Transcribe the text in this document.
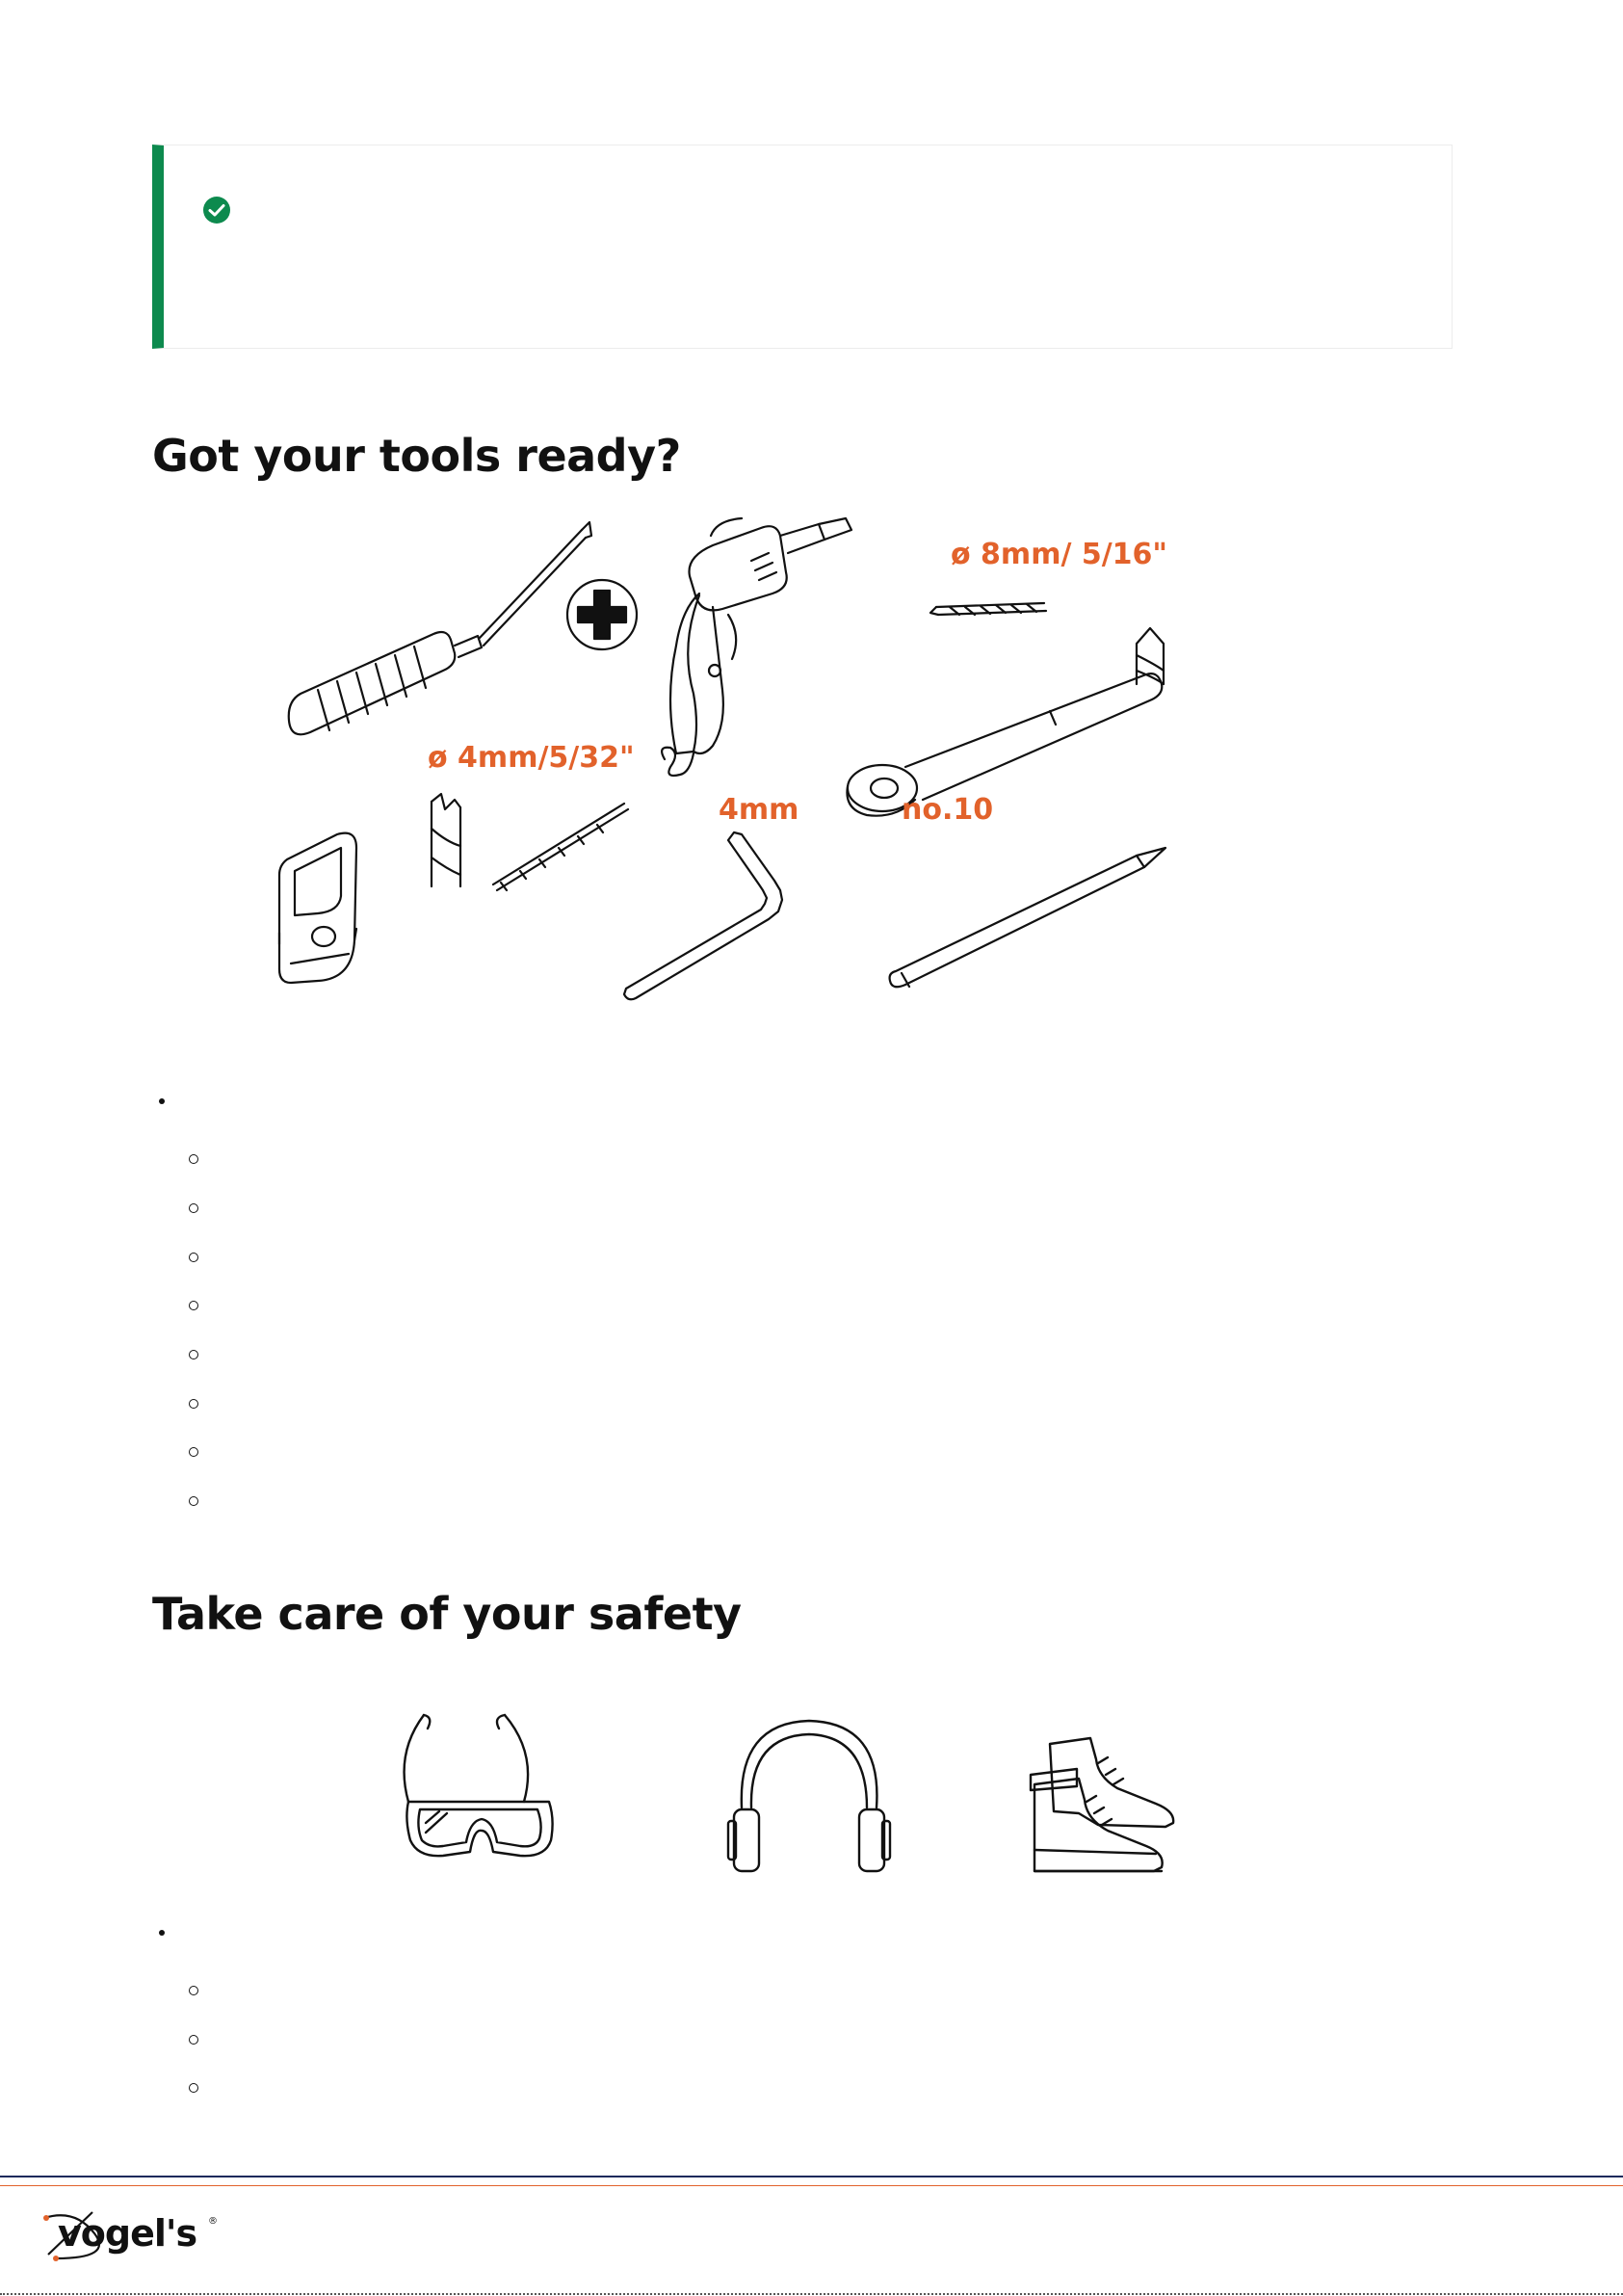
Got your tools ready?
ø 8mm/ 5/16"
ø 4mm/5/32"
4mm	no.10
Take care of your safety
vogel's ®
